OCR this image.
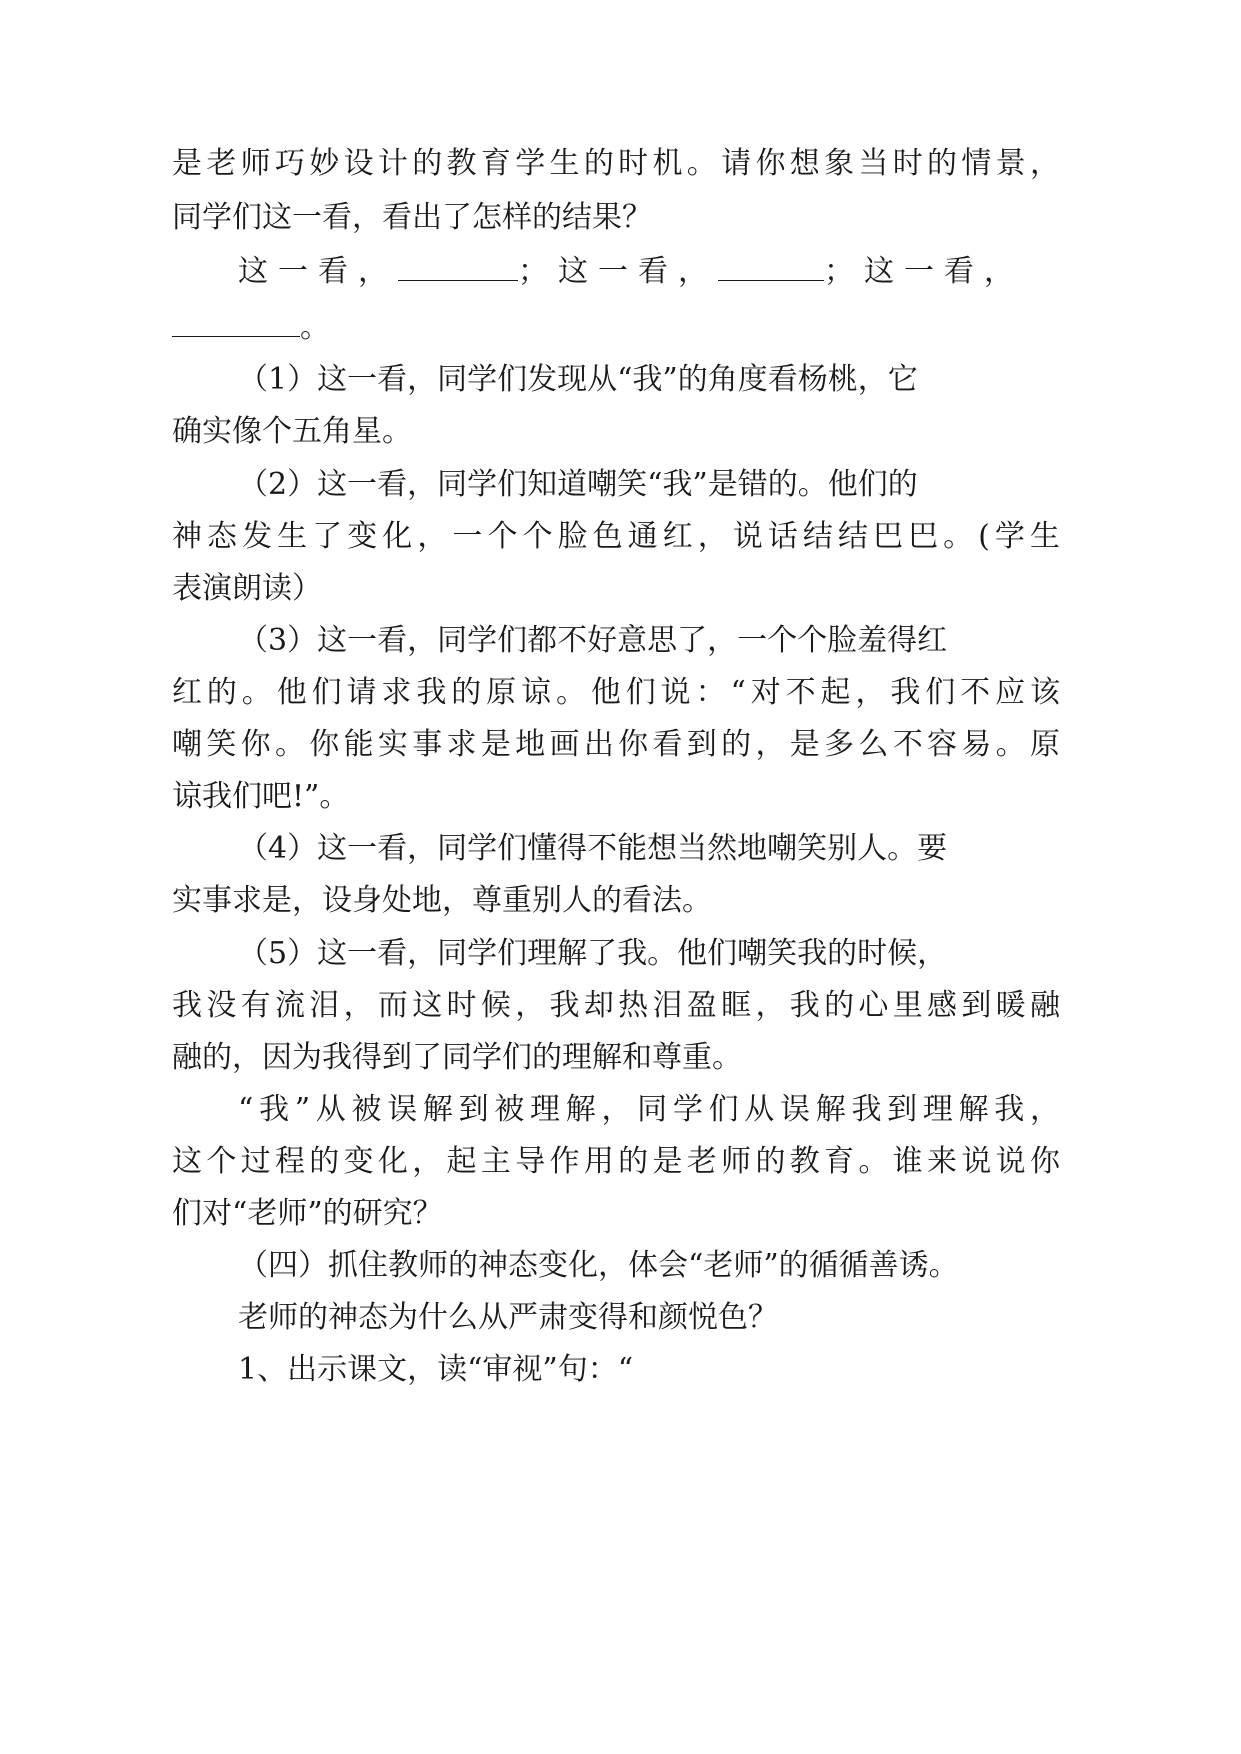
是老师巧妙设计的教育学生的时机。请你想象当时的情景，
同学们这一看，看出了怎样的结果？
这一看，	；这一看，	；这一看，
。
（1）这一看，同学们发现从“我”的角度看杨桃，它
确实像个五角星。
（2）这一看，同学们知道嘲笑“我”是错的。他们的
神态发生了变化，一个个脸色通红，说话结结巴巴。(学生
表演朗读）
（3）这一看，同学们都不好意思了，一个个脸羞得红
红的。他们请求我的原谅。他们说：“对不起，我们不应该
嘲笑你。你能实事求是地画出你看到的，是多么不容易。原
谅我们吧!”。
（4）这一看，同学们懂得不能想当然地嘲笑别人。要
实事求是，设身处地，尊重别人的看法。
（5）这一看，同学们理解了我。他们嘲笑我的时候，
我没有流泪，而这时候，我却热泪盈眶，我的心里感到暖融
融的，因为我得到了同学们的理解和尊重。
“我”从被误解到被理解，同学们从误解我到理解我，
这个过程的变化，起主导作用的是老师的教育。谁来说说你
们对“老师”的研究？
（四）抓住教师的神态变化，体会“老师”的循循善诱。
老师的神态为什么从严肃变得和颜悦色？
1、出示课文，读“审视”句：“
